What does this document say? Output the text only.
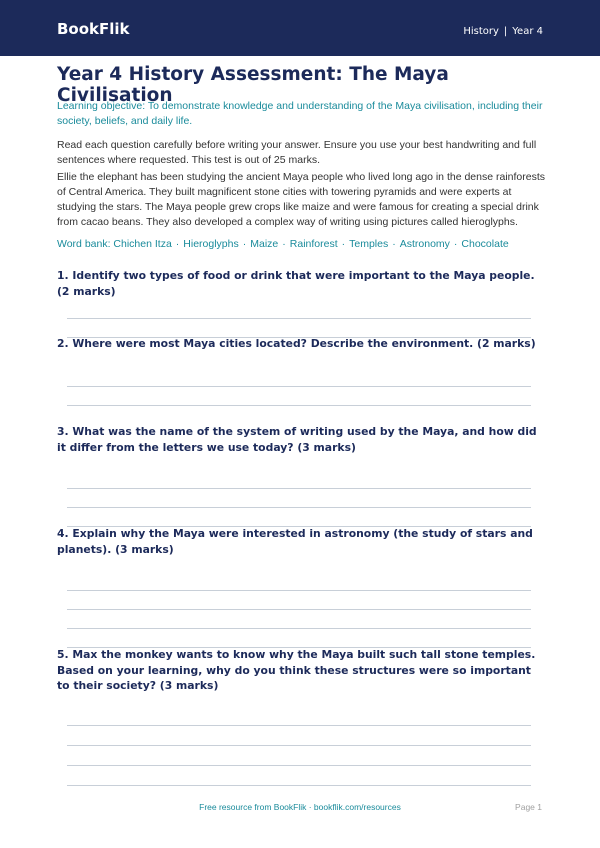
BookFlik	History | Year 4
Year 4 History Assessment: The Maya Civilisation
Learning objective: To demonstrate knowledge and understanding of the Maya civilisation, including their society, beliefs, and daily life.
Read each question carefully before writing your answer. Ensure you use your best handwriting and full sentences where requested. This test is out of 25 marks.
Ellie the elephant has been studying the ancient Maya people who lived long ago in the dense rainforests of Central America. They built magnificent stone cities with towering pyramids and were experts at studying the stars. The Maya people grew crops like maize and were famous for creating a special drink from cacao beans. They also developed a complex way of writing using pictures called hieroglyphs.
Word bank: Chichen Itza · Hieroglyphs · Maize · Rainforest · Temples · Astronomy · Chocolate
1. Identify two types of food or drink that were important to the Maya people. (2 marks)
2. Where were most Maya cities located? Describe the environment. (2 marks)
3. What was the name of the system of writing used by the Maya, and how did it differ from the letters we use today? (3 marks)
4. Explain why the Maya were interested in astronomy (the study of stars and planets). (3 marks)
5. Max the monkey wants to know why the Maya built such tall stone temples. Based on your learning, why do you think these structures were so important to their society? (3 marks)
Free resource from BookFlik · bookflik.com/resources	Page 1
